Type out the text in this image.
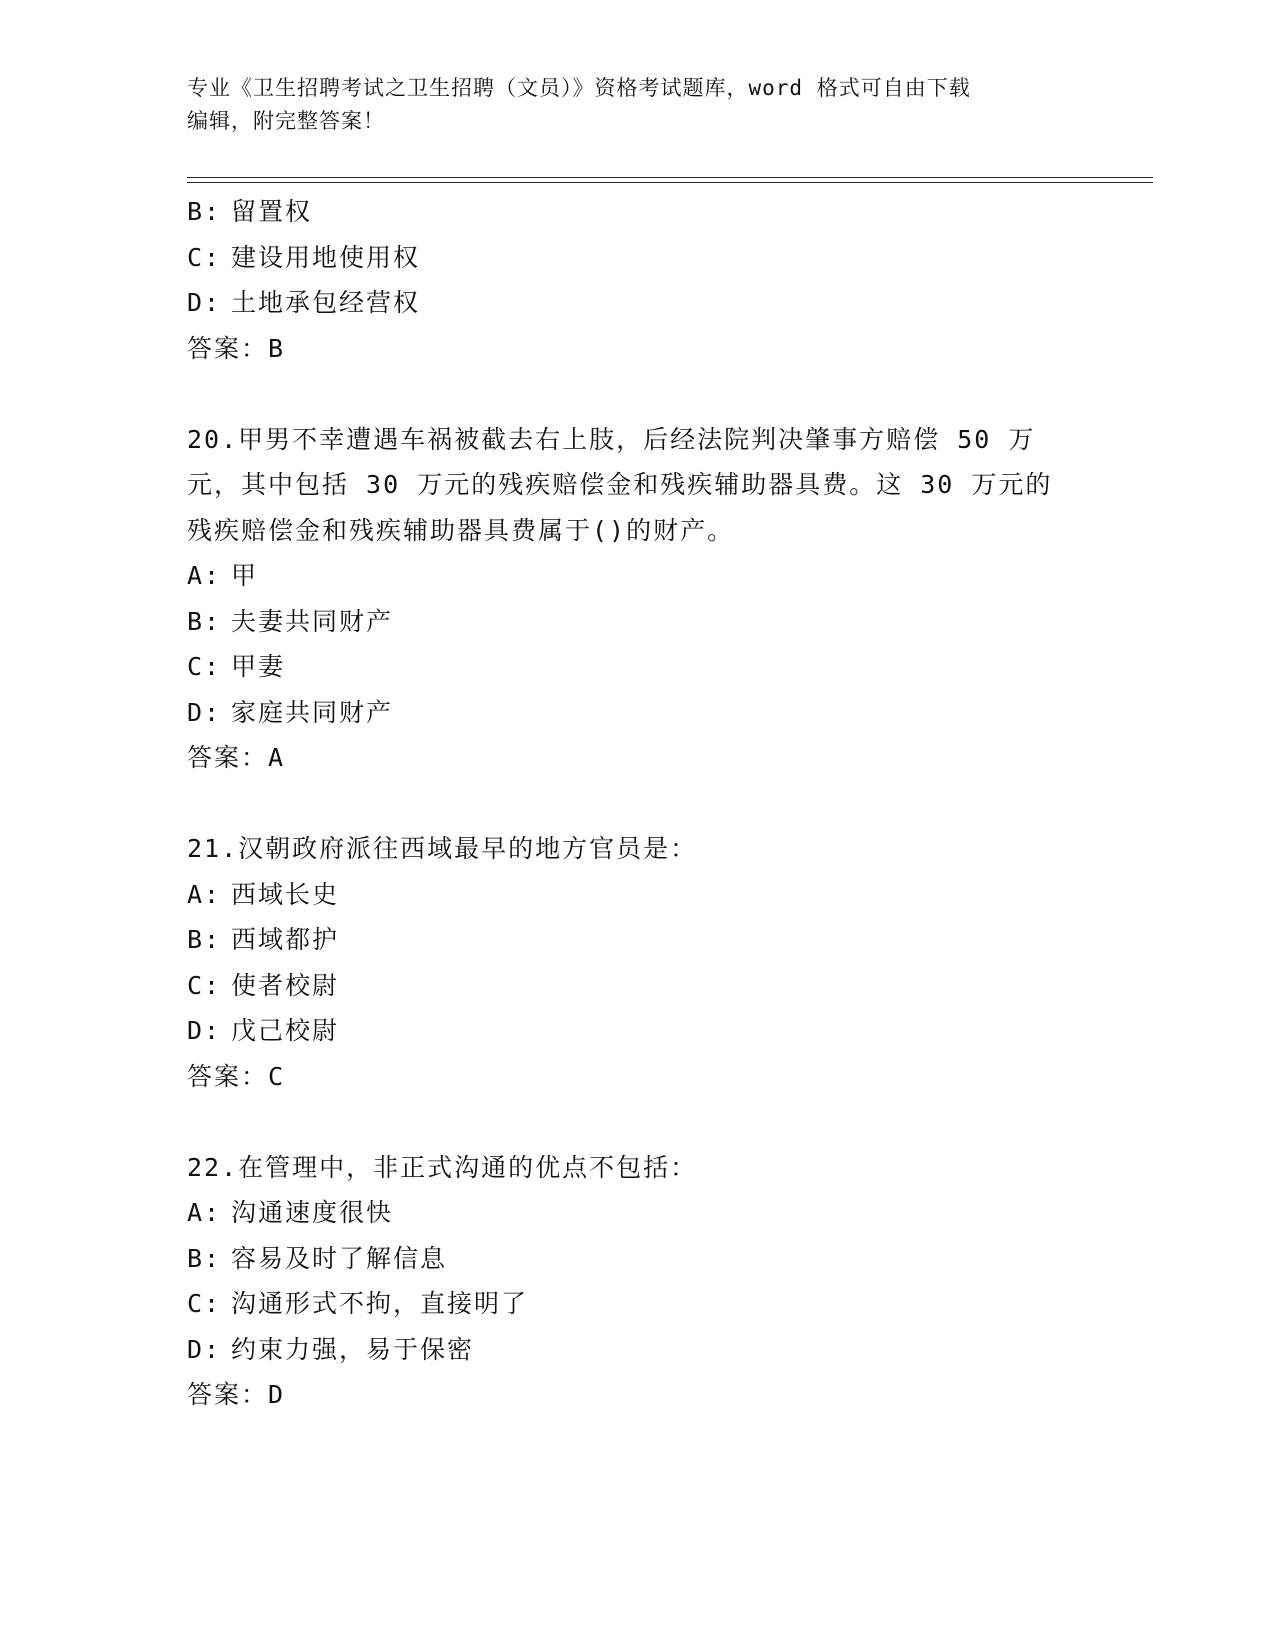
专业《卫生招聘考试之卫生招聘（文员）》资格考试题库，word 格式可自由下载
编辑，附完整答案！
B: 留置权
C: 建设用地使用权
D: 土地承包经营权
答案：B
20.甲男不幸遭遇车祸被截去右上肢，后经法院判决肇事方赔偿 50 万
元，其中包括 30 万元的残疾赔偿金和残疾辅助器具费。这 30 万元的
残疾赔偿金和残疾辅助器具费属于()的财产。
A: 甲
B: 夫妻共同财产
C: 甲妻
D: 家庭共同财产
答案：A
21.汉朝政府派往西域最早的地方官员是：
A: 西域长史
B: 西域都护
C: 使者校尉
D: 戊己校尉
答案：C
22.在管理中，非正式沟通的优点不包括：
A: 沟通速度很快
B: 容易及时了解信息
C: 沟通形式不拘，直接明了
D: 约束力强，易于保密
答案：D
